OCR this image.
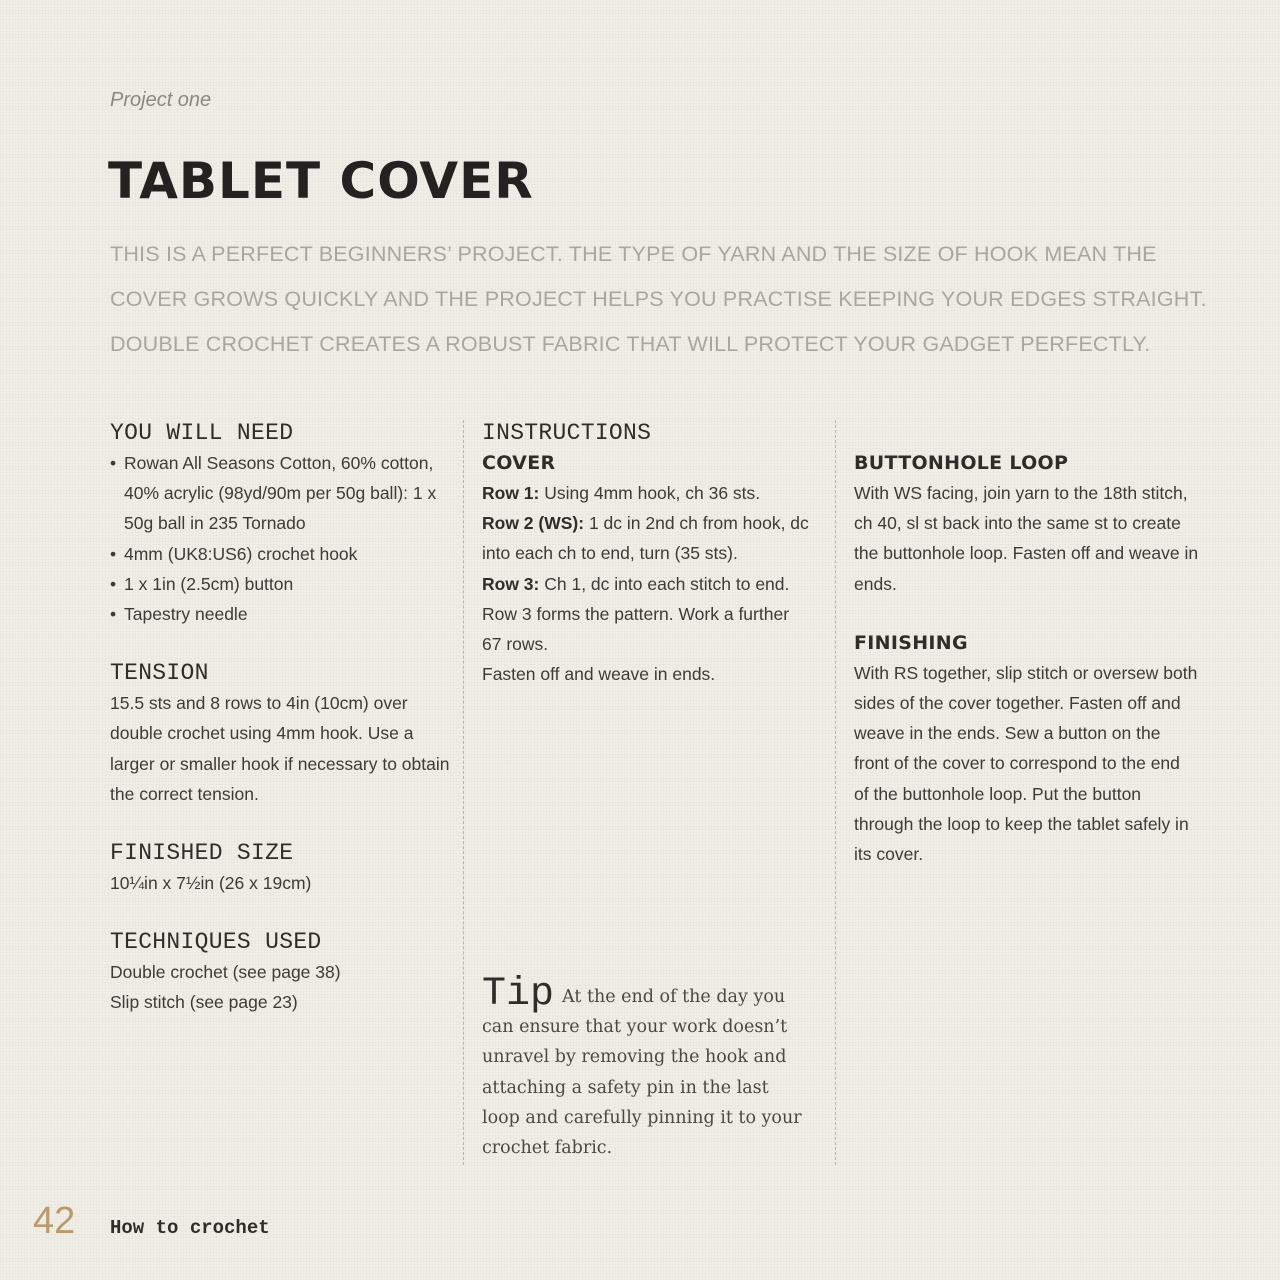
Project one
TABLET COVER
THIS IS A PERFECT BEGINNERS’ PROJECT. THE TYPE OF YARN AND THE SIZE OF HOOK MEAN THE
COVER GROWS QUICKLY AND THE PROJECT HELPS YOU PRACTISE KEEPING YOUR EDGES STRAIGHT.
DOUBLE CROCHET CREATES A ROBUST FABRIC THAT WILL PROTECT YOUR GADGET PERFECTLY.
YOU WILL NEED
• Rowan All Seasons Cotton, 60% cotton, 40% acrylic (98yd/90m per 50g ball): 1 x 50g ball in 235 Tornado
• 4mm (UK8:US6) crochet hook
• 1 x 1in (2.5cm) button
• Tapestry needle
TENSION

15.5 sts and 8 rows to 4in (10cm) over double crochet using 4mm hook. Use a larger or smaller hook if necessary to obtain the correct tension.

FINISHED SIZE

10¼in x 7½in (26 x 19cm)

TECHNIQUES USED

Double crochet (see page 38)

Slip stitch (see page 23)

INSTRUCTIONS
COVER

Row 1: Using 4mm hook, ch 36 sts.

Row 2 (WS): 1 dc in 2nd ch from hook, dc into each ch to end, turn (35 sts).

Row 3: Ch 1, dc into each stitch to end.

Row 3 forms the pattern. Work a further 67 rows.

Fasten off and weave in ends.

Tip At the end of the day you can ensure that your work doesn’t unravel by removing the hook and attaching a safety pin in the last loop and carefully pinning it to your crochet fabric.
BUTTONHOLE LOOP

With WS facing, join yarn to the 18th stitch, ch 40, sl st back into the same st to create the buttonhole loop. Fasten off and weave in ends.

FINISHING

With RS together, slip stitch or oversew both sides of the cover together. Fasten off and weave in the ends. Sew a button on the front of the cover to correspond to the end of the buttonhole loop. Put the button through the loop to keep the tablet safely in its cover.

42 How to crochet
